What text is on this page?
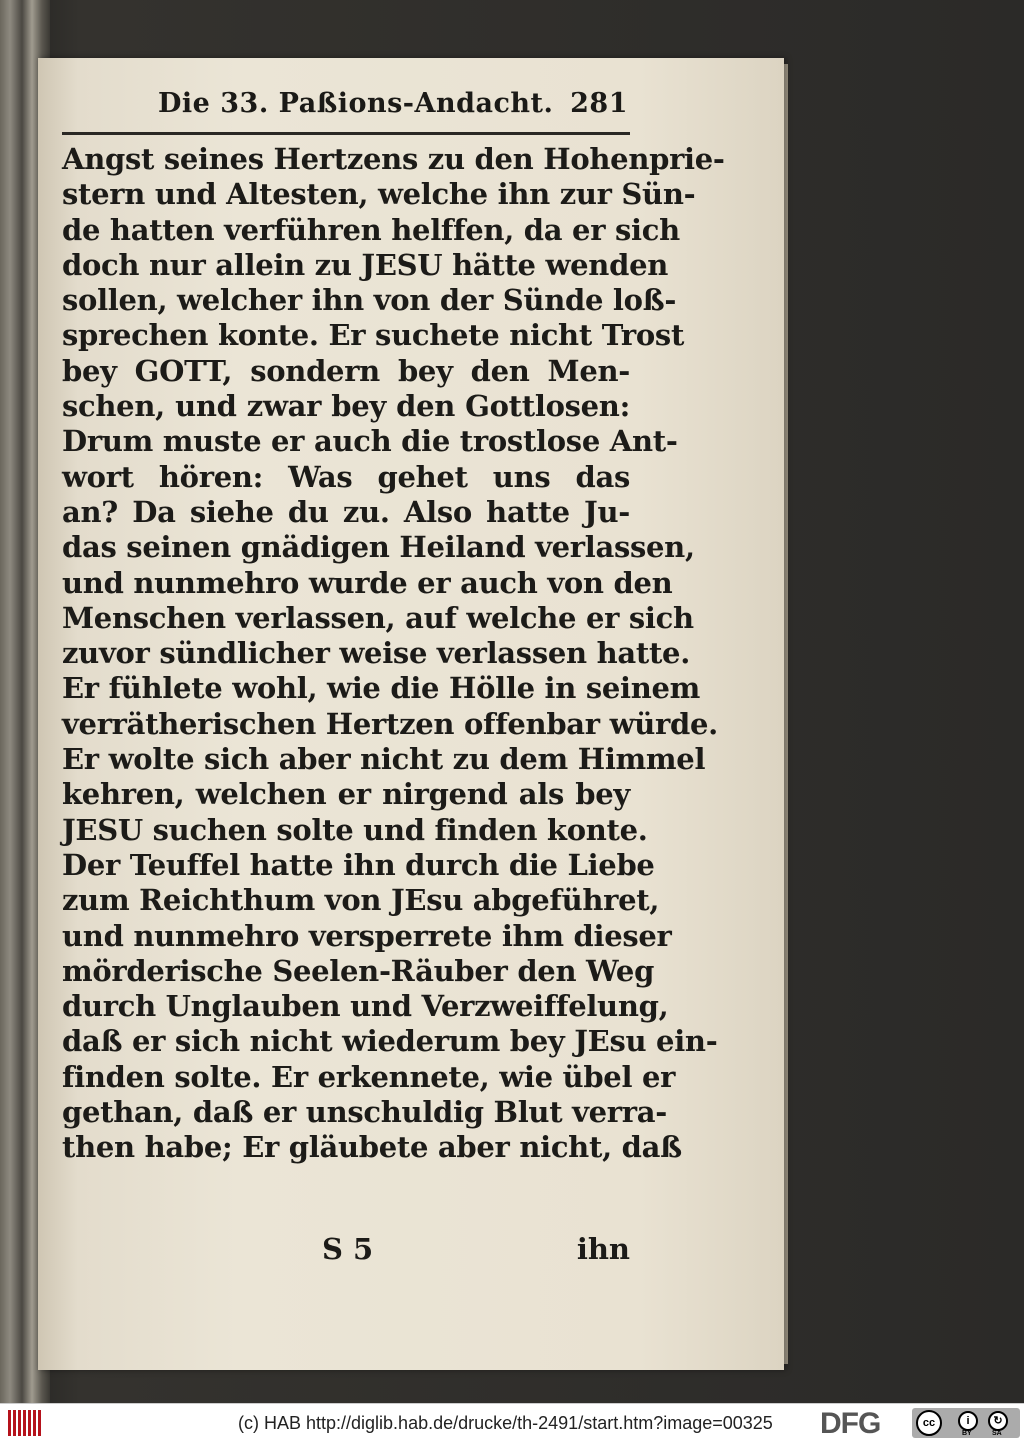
Die 33. Paßions-Andacht. 281
Angst seines Hertzens zu den Hohenprie-
stern und Altesten, welche ihn zur Sün-
de hatten verführen helffen, da er sich
doch nur allein zu JESU hätte wenden
sollen, welcher ihn von der Sünde loß-
sprechen konte. Er suchete nicht Trost
bey GOTT, sondern bey den Men-
schen, und zwar bey den Gottlosen:
Drum muste er auch die trostlose Ant-
wort hören: Was gehet uns das
an? Da siehe du zu. Also hatte Ju-
das seinen gnädigen Heiland verlassen,
und nunmehro wurde er auch von den
Menschen verlassen, auf welche er sich
zuvor sündlicher weise verlassen hatte.
Er fühlete wohl, wie die Hölle in seinem
verrätherischen Hertzen offenbar würde.
Er wolte sich aber nicht zu dem Himmel
kehren, welchen er nirgend als bey
JESU suchen solte und finden konte.
Der Teuffel hatte ihn durch die Liebe
zum Reichthum von JEsu abgeführet,
und nunmehro versperrete ihm dieser
mörderische Seelen-Räuber den Weg
durch Unglauben und Verzweiffelung,
daß er sich nicht wiederum bey JEsu ein-
finden solte. Er erkennete, wie übel er
gethan, daß er unschuldig Blut verra-
then habe; Er gläubete aber nicht, daß
S 5	ihn
(c) HAB http://diglib.hab.de/drucke/th-2491/start.htm?image=00325 DFG	cc	i	↻
BY	SA
